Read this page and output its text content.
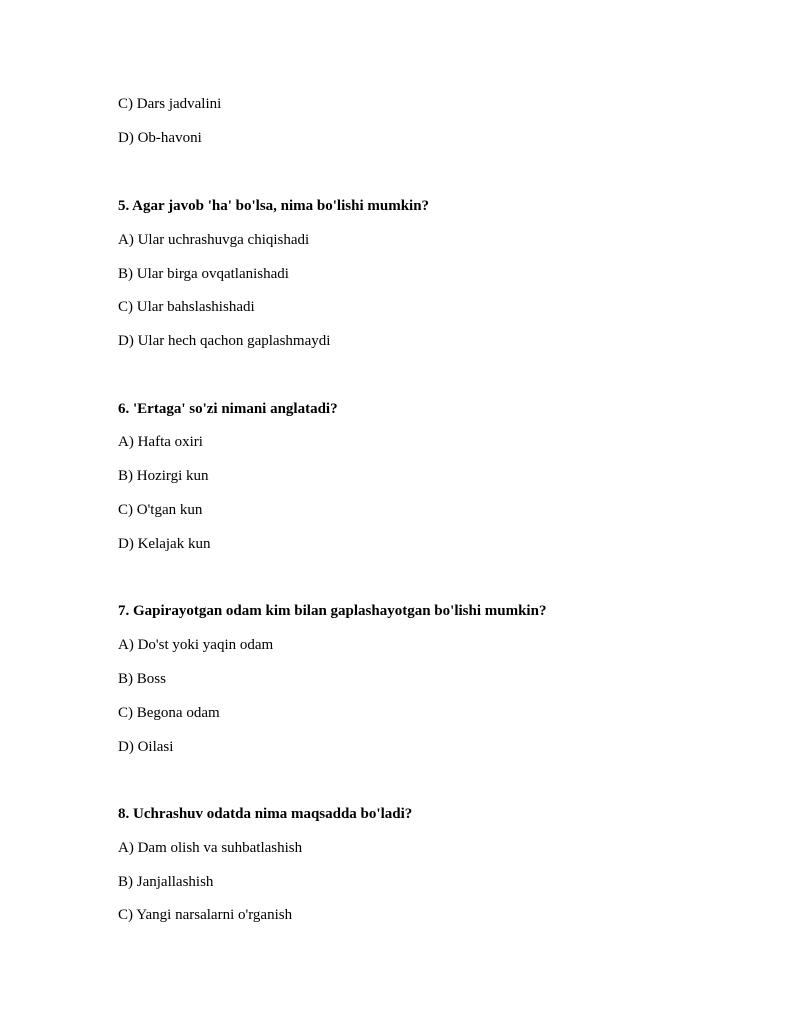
C) Dars jadvalini
D) Ob-havoni
5. Agar javob 'ha' bo'lsa, nima bo'lishi mumkin?
A) Ular uchrashuvga chiqishadi
B) Ular birga ovqatlanishadi
C) Ular bahslashishadi
D) Ular hech qachon gaplashmaydi
6. 'Ertaga' so'zi nimani anglatadi?
A) Hafta oxiri
B) Hozirgi kun
C) O'tgan kun
D) Kelajak kun
7. Gapirayotgan odam kim bilan gaplashayotgan bo'lishi mumkin?
A) Do'st yoki yaqin odam
B) Boss
C) Begona odam
D) Oilasi
8. Uchrashuv odatda nima maqsadda bo'ladi?
A) Dam olish va suhbatlashish
B) Janjallashish
C) Yangi narsalarni o'rganish
